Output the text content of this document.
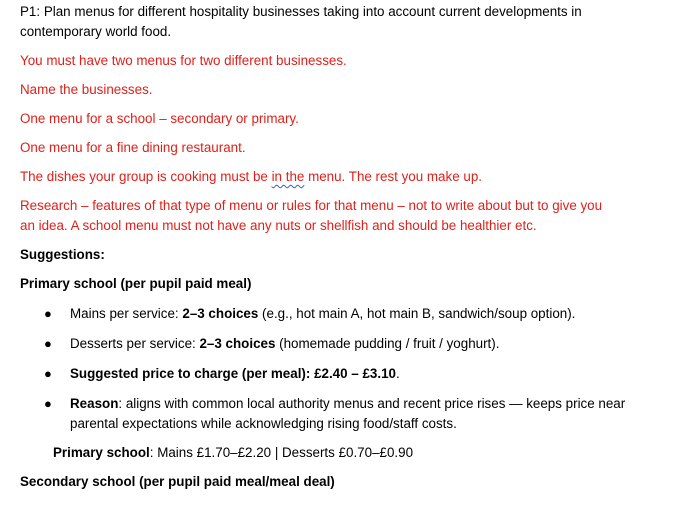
P1: Plan menus for different hospitality businesses taking into account current developments in
contemporary world food.

You must have two menus for two different businesses.

Name the businesses.

One menu for a school – secondary or primary.

One menu for a fine dining restaurant.

The dishes your group is cooking must be in the menu. The rest you make up.

Research – features of that type of menu or rules for that menu – not to write about but to give you
an idea. A school menu must not have any nuts or shellfish and should be healthier etc.

Suggestions:

Primary school (per pupil paid meal)

● Mains per service: 2–3 choices (e.g., hot main A, hot main B, sandwich/soup option).
● Desserts per service: 2–3 choices (homemade pudding / fruit / yoghurt).
● Suggested price to charge (per meal): £2.40 – £3.10.
● Reason: aligns with common local authority menus and recent price rises — keeps price near
parental expectations while acknowledging rising food/staff costs.

Primary school: Mains £1.70–£2.20 | Desserts £0.70–£0.90

Secondary school (per pupil paid meal/meal deal)
